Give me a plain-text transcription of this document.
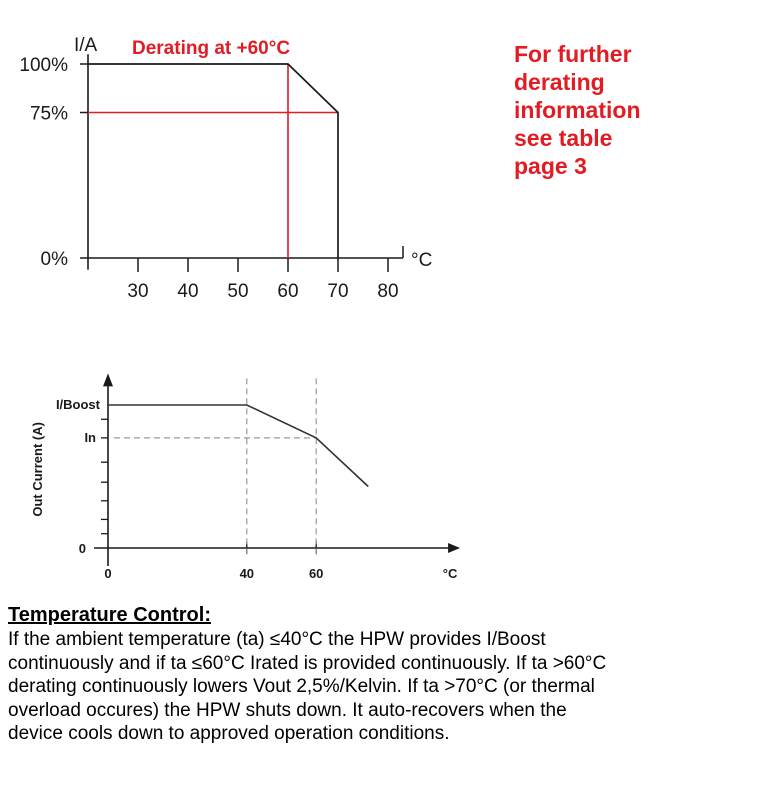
100%
75%
0%
30 40 50 60 70 80
I/A
°C
Derating at +60°C
I/Boost
In
0
0	40	60	°C
Out Current (A)
For further
derating
information
see table
page 3
Temperature Control:
If the ambient temperature (ta) ≤40°C the HPW provides I/Boost
continuously and if ta ≤60°C Irated is provided continuously. If ta >60°C
derating continuously lowers Vout 2,5%/Kelvin. If ta >70°C (or thermal
overload occures) the HPW shuts down. It auto-recovers when the
device cools down to approved operation conditions.
